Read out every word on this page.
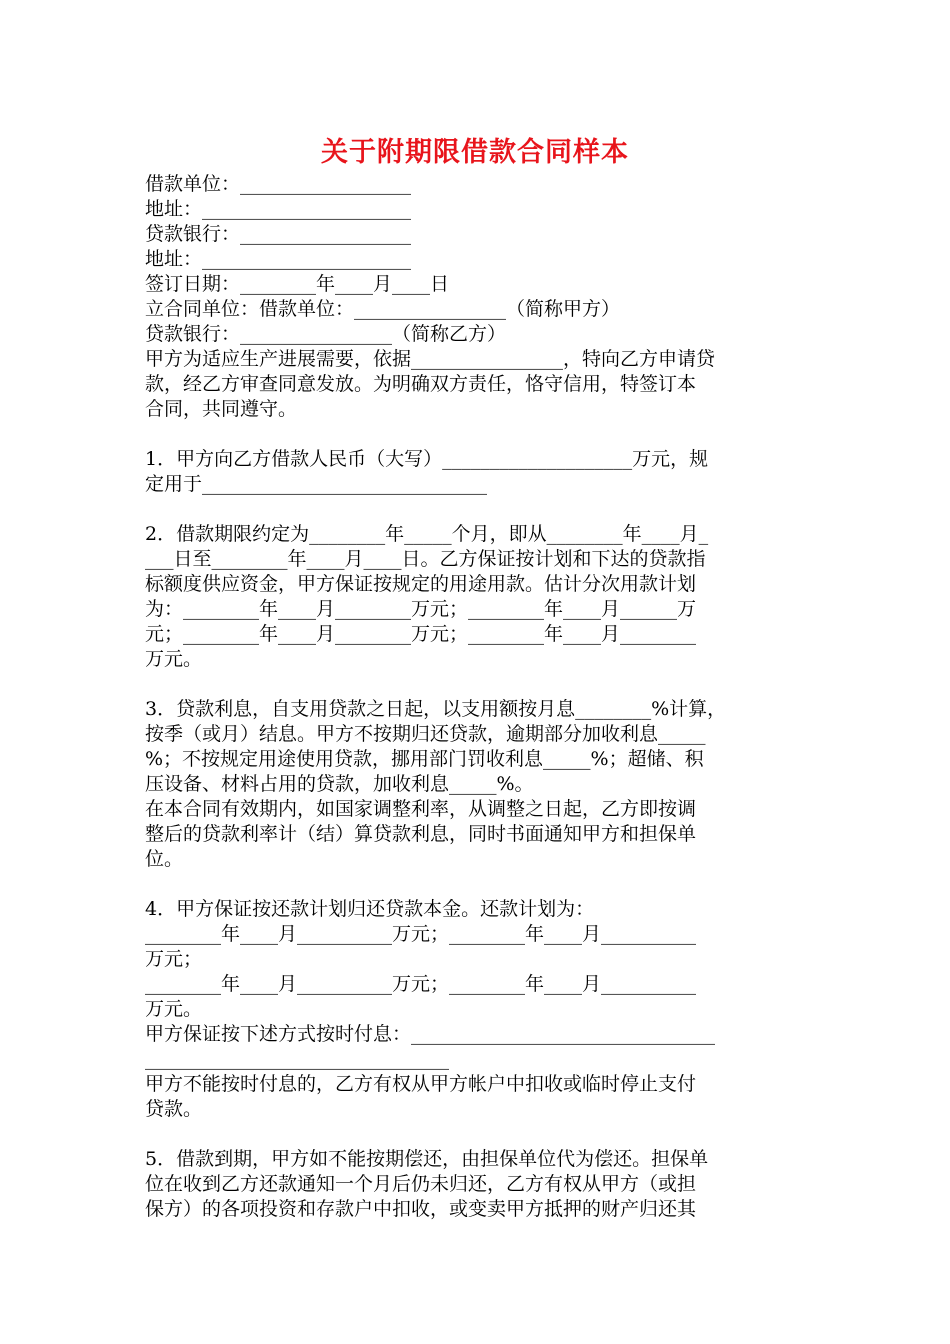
关于附期限借款合同样本
借款单位：__________________
地址：______________________
贷款银行：__________________
地址：______________________
签订日期：________年____月____日
立合同单位：借款单位：________________（简称甲方）
贷款银行：________________（简称乙方）
甲方为适应生产进展需要，依据________________，特向乙方申请贷
款，经乙方审查同意发放。为明确双方责任，恪守信用，特签订本
合同，共同遵守。
1．甲方向乙方借款人民币（大写）____________________万元，规
定用于______________________________
2．借款期限约定为________年_____个月，即从________年____月_
___日至________年____月____日。乙方保证按计划和下达的贷款指
标额度供应资金，甲方保证按规定的用途用款。估计分次用款计划
为：________年____月________万元；________年____月______万
元；________年____月________万元；________年____月________
万元。
3．贷款利息，自支用贷款之日起，以支用额按月息________%计算，
按季（或月）结息。甲方不按期归还贷款，逾期部分加收利息_____
%；不按规定用途使用贷款，挪用部门罚收利息_____%；超储、积
压设备、材料占用的贷款，加收利息_____%。
在本合同有效期内，如国家调整利率，从调整之日起，乙方即按调
整后的贷款利率计（结）算贷款利息，同时书面通知甲方和担保单
位。
4．甲方保证按还款计划归还贷款本金。还款计划为：
________年____月__________万元；________年____月__________
万元；
________年____月__________万元；________年____月__________
万元。
甲方保证按下述方式按时付息：________________________________
________________________________
甲方不能按时付息的，乙方有权从甲方帐户中扣收或临时停止支付
贷款。
5．借款到期，甲方如不能按期偿还，由担保单位代为偿还。担保单
位在收到乙方还款通知一个月后仍未归还，乙方有权从甲方（或担
保方）的各项投资和存款户中扣收，或变卖甲方抵押的财产归还其
